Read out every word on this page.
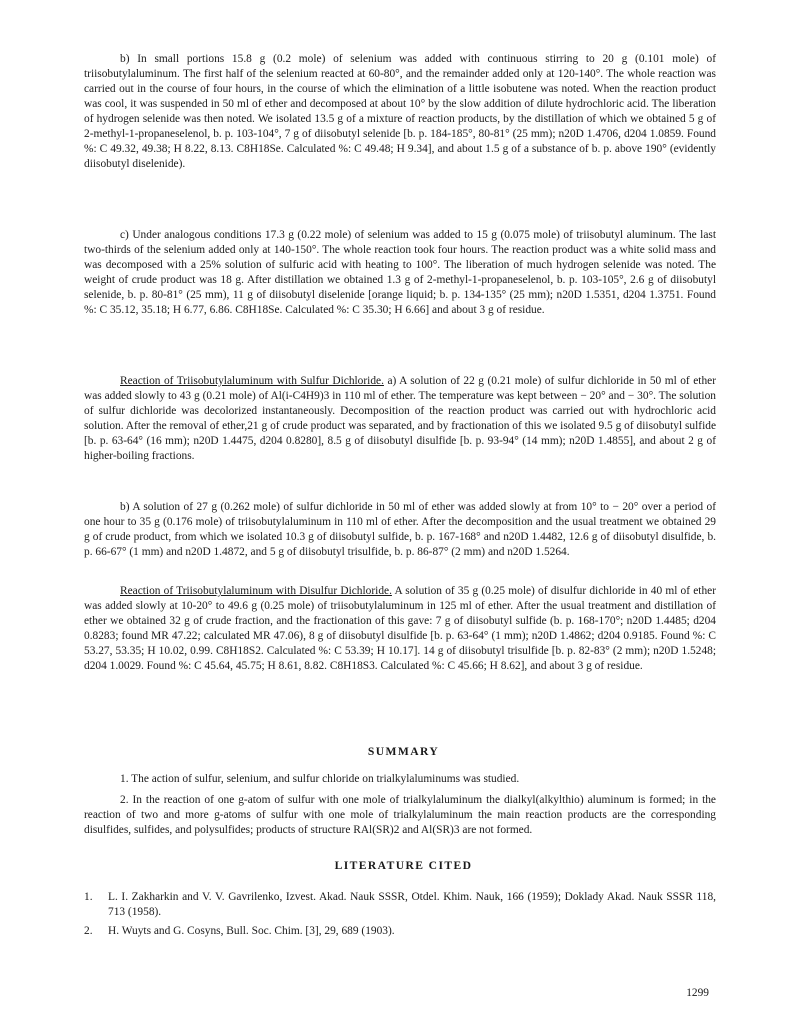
b) In small portions 15.8 g (0.2 mole) of selenium was added with continuous stirring to 20 g (0.101 mole) of triisobutylaluminum. The first half of the selenium reacted at 60-80°, and the remainder added only at 120-140°. The whole reaction was carried out in the course of four hours, in the course of which the elimination of a little isobutene was noted. When the reaction product was cool, it was suspended in 50 ml of ether and decomposed at about 10° by the slow addition of dilute hydrochloric acid. The liberation of hydrogen selenide was then noted. We isolated 13.5 g of a mixture of reaction products, by the distillation of which we obtained 5 g of 2-methyl-1-propaneselenol, b. p. 103-104°, 7 g of diisobutyl selenide [b. p. 184-185°, 80-81° (25 mm); n20D 1.4706, d204 1.0859. Found %: C 49.32, 49.38; H 8.22, 8.13. C8H18Se. Calculated %: C 49.48; H 9.34], and about 1.5 g of a substance of b. p. above 190° (evidently diisobutyl diselenide).

c) Under analogous conditions 17.3 g (0.22 mole) of selenium was added to 15 g (0.075 mole) of triisobutyl aluminum. The last two-thirds of the selenium added only at 140-150°. The whole reaction took four hours. The reaction product was a white solid mass and was decomposed with a 25% solution of sulfuric acid with heating to 100°. The liberation of much hydrogen selenide was noted. The weight of crude product was 18 g. After distillation we obtained 1.3 g of 2-methyl-1-propaneselenol, b. p. 103-105°, 2.6 g of diisobutyl selenide, b. p. 80-81° (25 mm), 11 g of diisobutyl diselenide [orange liquid; b. p. 134-135° (25 mm); n20D 1.5351, d204 1.3751. Found %: C 35.12, 35.18; H 6.77, 6.86. C8H18Se. Calculated %: C 35.30; H 6.66] and about 3 g of residue.

Reaction of Triisobutylaluminum with Sulfur Dichloride. a) A solution of 22 g (0.21 mole) of sulfur dichloride in 50 ml of ether was added slowly to 43 g (0.21 mole) of Al(i-C4H9)3 in 110 ml of ether. The temperature was kept between − 20° and − 30°. The solution of sulfur dichloride was decolorized instantaneously. Decomposition of the reaction product was carried out with hydrochloric acid solution. After the removal of ether,21 g of crude product was separated, and by fractionation of this we isolated 9.5 g of diisobutyl sulfide [b. p. 63-64° (16 mm); n20D 1.4475, d204 0.8280], 8.5 g of diisobutyl disulfide [b. p. 93-94° (14 mm); n20D 1.4855], and about 2 g of higher-boiling fractions.

b) A solution of 27 g (0.262 mole) of sulfur dichloride in 50 ml of ether was added slowly at from 10° to − 20° over a period of one hour to 35 g (0.176 mole) of triisobutylaluminum in 110 ml of ether. After the decomposition and the usual treatment we obtained 29 g of crude product, from which we isolated 10.3 g of diisobutyl sulfide, b. p. 167-168° and n20D 1.4482, 12.6 g of diisobutyl disulfide, b. p. 66-67° (1 mm) and n20D 1.4872, and 5 g of diisobutyl trisulfide, b. p. 86-87° (2 mm) and n20D 1.5264.

Reaction of Triisobutylaluminum with Disulfur Dichloride. A solution of 35 g (0.25 mole) of disulfur dichloride in 40 ml of ether was added slowly at 10-20° to 49.6 g (0.25 mole) of triisobutylaluminum in 125 ml of ether. After the usual treatment and distillation of ether we obtained 32 g of crude fraction, and the fractionation of this gave: 7 g of diisobutyl sulfide (b. p. 168-170°; n20D 1.4485; d204 0.8283; found MR 47.22; calculated MR 47.06), 8 g of diisobutyl disulfide [b. p. 63-64° (1 mm); n20D 1.4862; d204 0.9185. Found %: C 53.27, 53.35; H 10.02, 0.99. C8H18S2. Calculated %: C 53.39; H 10.17]. 14 g of diisobutyl trisulfide [b. p. 82-83° (2 mm); n20D 1.5248; d204 1.0029. Found %: C 45.64, 45.75; H 8.61, 8.82. C8H18S3. Calculated %: C 45.66; H 8.62], and about 3 g of residue.

SUMMARY
1. The action of sulfur, selenium, and sulfur chloride on trialkylaluminums was studied.
2. In the reaction of one g-atom of sulfur with one mole of trialkylaluminum the dialkyl(alkylthio) aluminum is formed; in the reaction of two and more g-atoms of sulfur with one mole of trialkylaluminum the main reaction products are the corresponding disulfides, sulfides, and polysulfides; products of structure RAl(SR)2 and Al(SR)3 are not formed.
LITERATURE CITED
1.	L. I. Zakharkin and V. V. Gavrilenko, Izvest. Akad. Nauk SSSR, Otdel. Khim. Nauk, 166 (1959); Doklady Akad. Nauk SSSR 118, 713 (1958).
2.	H. Wuyts and G. Cosyns, Bull. Soc. Chim. [3], 29, 689 (1903).
1299
